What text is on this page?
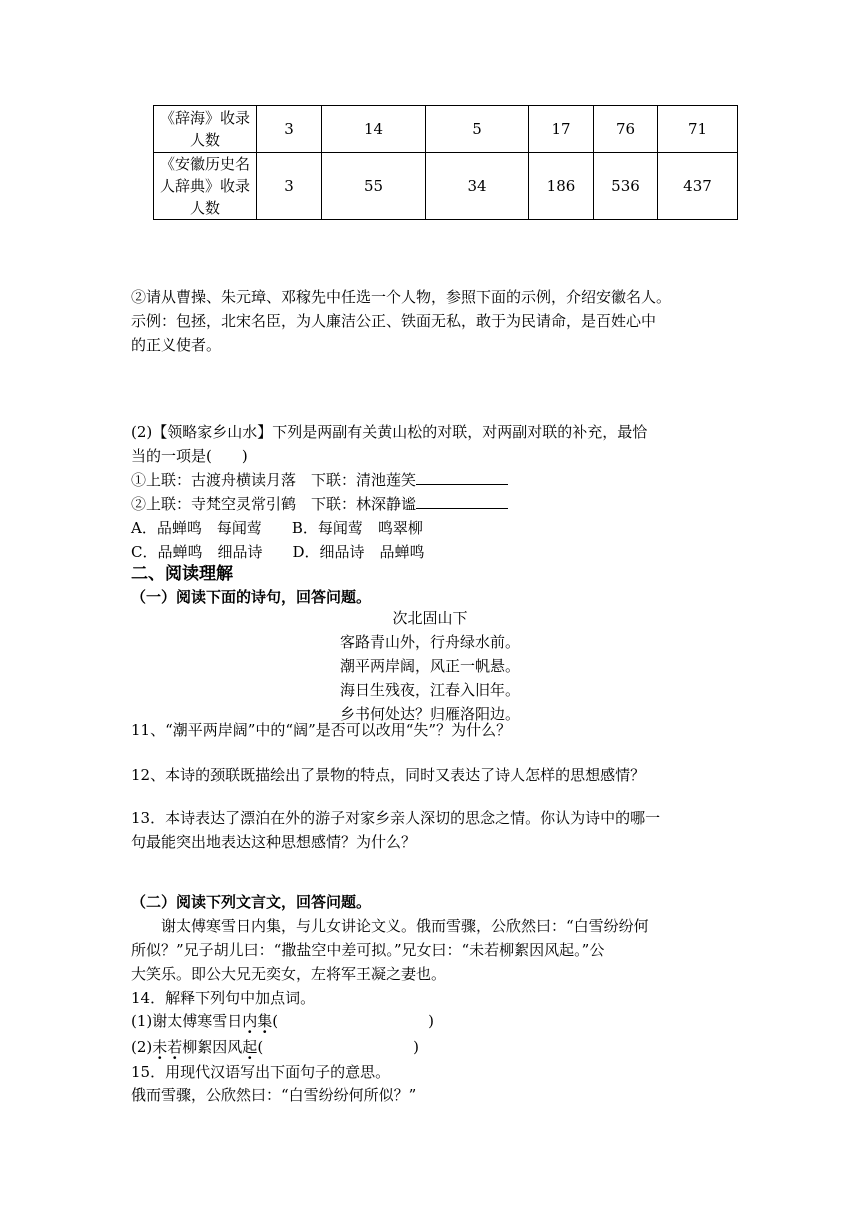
《辞海》收录人数	3	14	5	17	76	71
《安徽历史名人辞典》收录人数	3	55	34	186	536	437
②请从曹操、朱元璋、邓稼先中任选一个人物，参照下面的示例，介绍安徽名人。
示例：包拯，北宋名臣，为人廉洁公正、铁面无私，敢于为民请命，是百姓心中
的正义使者。
(2)【领略家乡山水】下列是两副有关黄山松的对联，对两副对联的补充，最恰
当的一项是(　　)
①上联：古渡舟横读月落　下联：清池莲笑
②上联：寺梵空灵常引鹤　下联：林深静谧
A．品蝉鸣　每闻莺　　B．每闻莺　鸣翠柳
C．品蝉鸣　细品诗　　D．细品诗　品蝉鸣
二、阅读理解
（一）阅读下面的诗句，回答问题。
次北固山下
客路青山外，行舟绿水前。
潮平两岸阔，风正一帆悬。
海日生残夜，江春入旧年。
乡书何处达？归雁洛阳边。
11、“潮平两岸阔”中的“阔”是否可以改用“失”？为什么？
12、本诗的颈联既描绘出了景物的特点，同时又表达了诗人怎样的思想感情？
13．本诗表达了漂泊在外的游子对家乡亲人深切的思念之情。你认为诗中的哪一
句最能突出地表达这种思想感情？为什么？
（二）阅读下列文言文，回答问题。
谢太傅寒雪日内集，与儿女讲论文义。俄而雪骤，公欣然曰：“白雪纷纷何
所似？”兄子胡儿曰：“撒盐空中差可拟。”兄女曰：“未若柳絮因风起。”公
大笑乐。即公大兄无奕女，左将军王凝之妻也。
14．解释下列句中加点词。
(1)谢太傅寒雪日内集(　　　　　　　　　　)
(2)未若柳絮因风起(　　　　　　　　　　)
15．用现代汉语写出下面句子的意思。
俄而雪骤，公欣然曰：“白雪纷纷何所似？”
